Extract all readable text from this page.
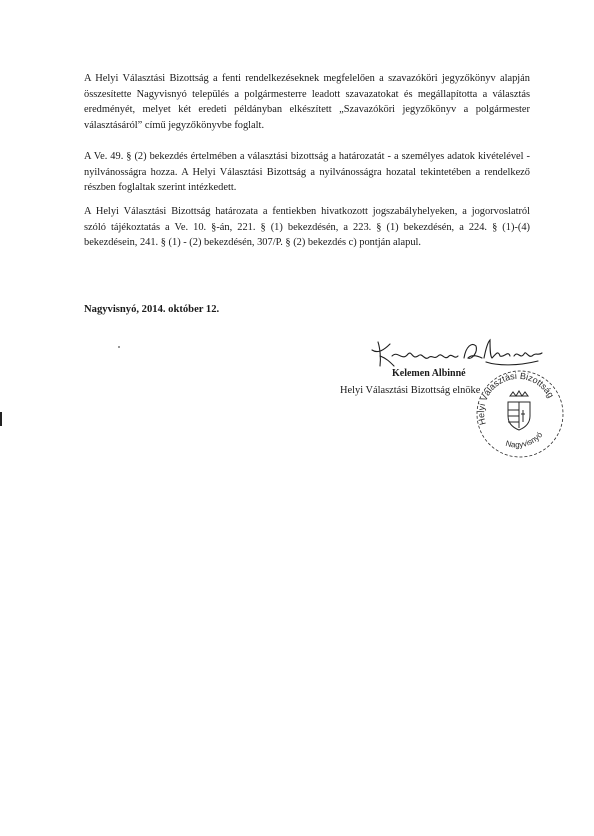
A Helyi Választási Bizottság a fenti rendelkezéseknek megfelelően a szavazóköri jegyzőkönyv alapján összesítette Nagyvisnyó település a polgármesterre leadott szavazatokat és megállapította a választás eredményét, melyet két eredeti példányban elkészített „Szavazóköri jegyzőkönyv a polgármester választásáról” című jegyzőkönyvbe foglalt.

A Ve. 49. § (2) bekezdés értelmében a választási bizottság a határozatát - a személyes adatok kivételével - nyilvánosságra hozza. A Helyi Választási Bizottság a nyilvánosságra hozatal tekintetében a rendelkező részben foglaltak szerint intézkedett.

A Helyi Választási Bizottság határozata a fentiekben hivatkozott jogszabályhelyeken, a jogorvoslatról szóló tájékoztatás a Ve. 10. §-án, 221. § (1) bekezdésén, a 223. § (1) bekezdésén, a 224. § (1)-(4) bekezdésein, 241. § (1) - (2) bekezdésén, 307/P. § (2) bekezdés c) pontján alapul.

Nagyvisnyó, 2014. október 12.

Kelemen Albinné
Helyi Választási Bizottság elnöke
Helyi Választási Bizottság
Nagyvisnyó
